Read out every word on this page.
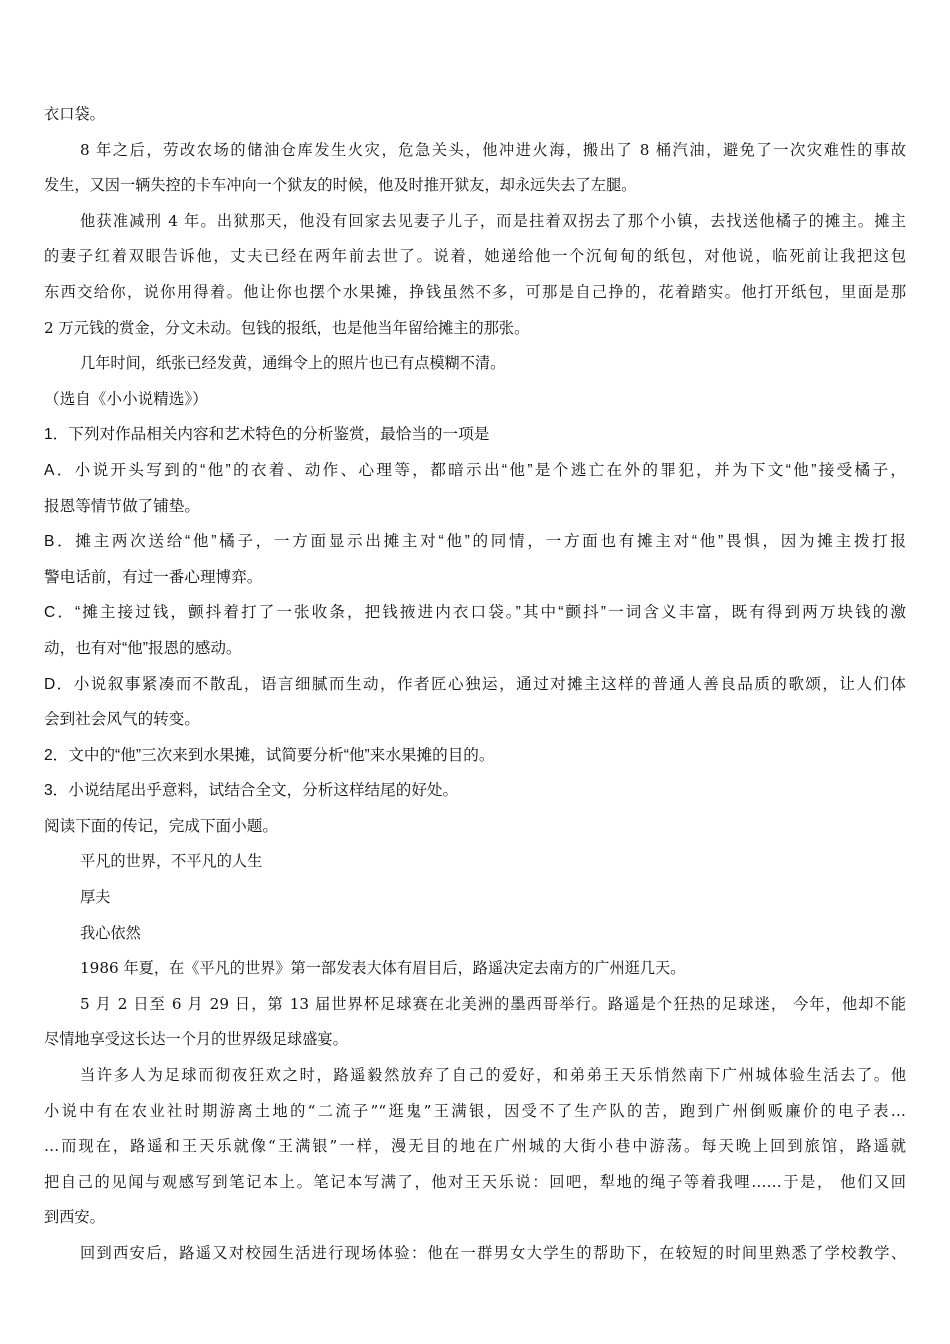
衣口袋。
8 年之后，劳改农场的储油仓库发生火灾，危急关头，他冲进火海，搬出了 8 桶汽油，避免了一次灾难性的事故
发生，又因一辆失控的卡车冲向一个狱友的时候，他及时推开狱友，却永远失去了左腿。
他获准减刑 4 年。出狱那天，他没有回家去见妻子儿子，而是拄着双拐去了那个小镇，去找送他橘子的摊主。摊主
的妻子红着双眼告诉他，丈夫已经在两年前去世了。说着，她递给他一个沉甸甸的纸包，对他说，临死前让我把这包
东西交给你，说你用得着。他让你也摆个水果摊，挣钱虽然不多，可那是自己挣的，花着踏实。他打开纸包，里面是那
2 万元钱的赏金，分文未动。包钱的报纸，也是他当年留给摊主的那张。
几年时间，纸张已经发黄，通缉令上的照片也已有点模糊不清。
（选自《小小说精选》）
1．下列对作品相关内容和艺术特色的分析鉴赏，最恰当的一项是
A．小说开头写到的“他”的衣着、动作、心理等，都暗示出“他”是个逃亡在外的罪犯，并为下文“他”接受橘子，
报恩等情节做了铺垫。
B．摊主两次送给“他”橘子，一方面显示出摊主对“他”的同情，一方面也有摊主对“他”畏惧，因为摊主拨打报
警电话前，有过一番心理博弈。
C．“摊主接过钱，颤抖着打了一张收条，把钱掖进内衣口袋。”其中“颤抖”一词含义丰富，既有得到两万块钱的激
动，也有对“他”报恩的感动。
D．小说叙事紧凑而不散乱，语言细腻而生动，作者匠心独运，通过对摊主这样的普通人善良品质的歌颂，让人们体
会到社会风气的转变。
2．文中的“他”三次来到水果摊，试简要分析“他”来水果摊的目的。
3．小说结尾出乎意料，试结合全文，分析这样结尾的好处。
阅读下面的传记，完成下面小题。
平凡的世界，不平凡的人生
厚夫
我心依然
1986 年夏，在《平凡的世界》第一部发表大体有眉目后，路遥决定去南方的广州逛几天。
5 月 2 日至 6 月 29 日，第 13 届世界杯足球赛在北美洲的墨西哥举行。路遥是个狂热的足球迷， 今年，他却不能
尽情地享受这长达一个月的世界级足球盛宴。
当许多人为足球而彻夜狂欢之时，路遥毅然放弃了自己的爱好，和弟弟王天乐悄然南下广州城体验生活去了。他
小说中有在农业社时期游离土地的“二流子”“逛鬼”王满银，因受不了生产队的苦，跑到广州倒贩廉价的电子表…
…而现在，路遥和王天乐就像“王满银”一样，漫无目的地在广州城的大街小巷中游荡。每天晚上回到旅馆，路遥就
把自己的见闻与观感写到笔记本上。笔记本写满了，他对王天乐说：回吧，犁地的绳子等着我哩……于是， 他们又回
到西安。
回到西安后，路遥又对校园生活进行现场体验：他在一群男女大学生的帮助下，在较短的时间里熟悉了学校教学、
